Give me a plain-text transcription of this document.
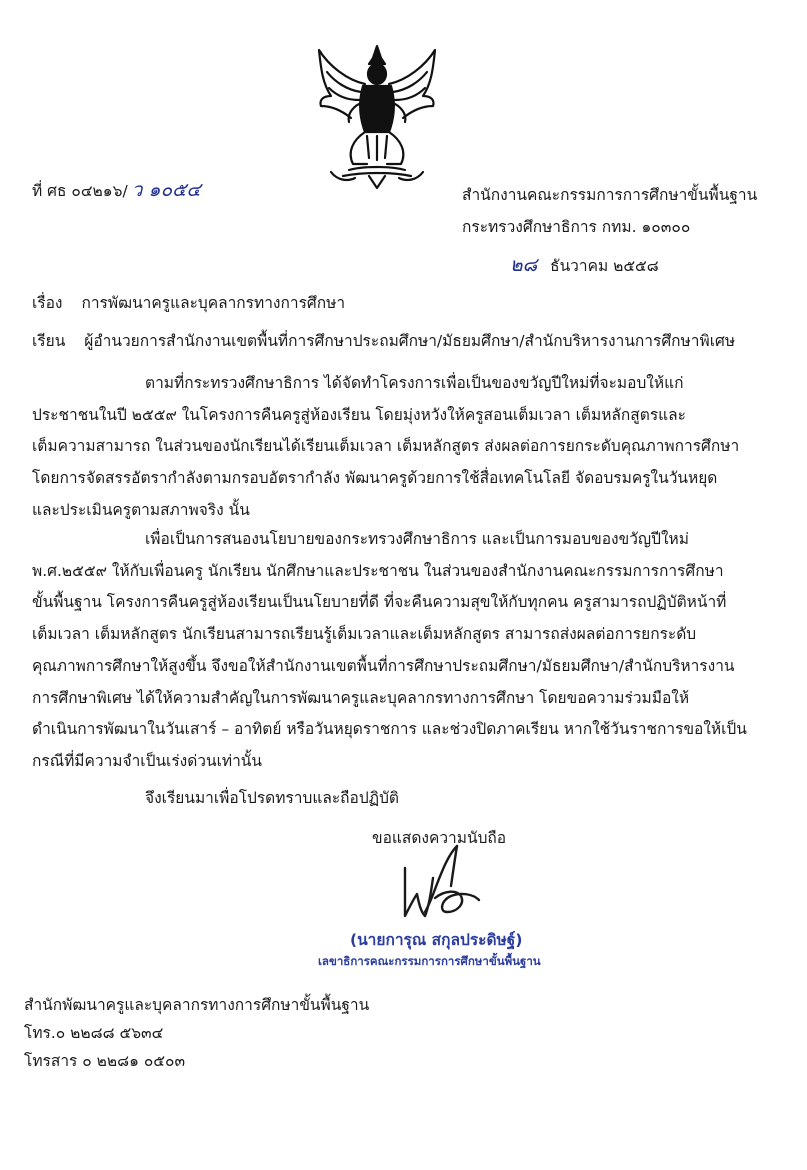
ที่ ศธ ๐๔๒๑๖/ ว ๑๐๕๔	สำนักงานคณะกรรมการการศึกษาขั้นพื้นฐาน
กระทรวงศึกษาธิการ กทม. ๑๐๓๐๐
๒๘ ธันวาคม ๒๕๕๘
เรื่อง การพัฒนาครูและบุคลากรทางการศึกษา
เรียน ผู้อำนวยการสำนักงานเขตพื้นที่การศึกษาประถมศึกษา/มัธยมศึกษา/สำนักบริหารงานการศึกษาพิเศษ
ตามที่กระทรวงศึกษาธิการ ได้จัดทำโครงการเพื่อเป็นของขวัญปีใหม่ที่จะมอบให้แก่
ประชาชนในปี ๒๕๕๙ ในโครงการคืนครูสู่ห้องเรียน โดยมุ่งหวังให้ครูสอนเต็มเวลา เต็มหลักสูตรและ
เต็มความสามารถ ในส่วนของนักเรียนได้เรียนเต็มเวลา เต็มหลักสูตร ส่งผลต่อการยกระดับคุณภาพการศึกษา
โดยการจัดสรรอัตรากำลังตามกรอบอัตรากำลัง พัฒนาครูด้วยการใช้สื่อเทคโนโลยี จัดอบรมครูในวันหยุด
และประเมินครูตามสภาพจริง นั้น
เพื่อเป็นการสนองนโยบายของกระทรวงศึกษาธิการ และเป็นการมอบของขวัญปีใหม่
พ.ศ.๒๕๕๙ ให้กับเพื่อนครู นักเรียน นักศึกษาและประชาชน ในส่วนของสำนักงานคณะกรรมการการศึกษา
ขั้นพื้นฐาน โครงการคืนครูสู่ห้องเรียนเป็นนโยบายที่ดี ที่จะคืนความสุขให้กับทุกคน ครูสามารถปฏิบัติหน้าที่
เต็มเวลา เต็มหลักสูตร นักเรียนสามารถเรียนรู้เต็มเวลาและเต็มหลักสูตร สามารถส่งผลต่อการยกระดับ
คุณภาพการศึกษาให้สูงขึ้น จึงขอให้สำนักงานเขตพื้นที่การศึกษาประถมศึกษา/มัธยมศึกษา/สำนักบริหารงาน
การศึกษาพิเศษ ได้ให้ความสำคัญในการพัฒนาครูและบุคลากรทางการศึกษา โดยขอความร่วมมือให้
ดำเนินการพัฒนาในวันเสาร์ – อาทิตย์ หรือวันหยุดราชการ และช่วงปิดภาคเรียน หากใช้วันราชการขอให้เป็น
กรณีที่มีความจำเป็นเร่งด่วนเท่านั้น
จึงเรียนมาเพื่อโปรดทราบและถือปฏิบัติ
ขอแสดงความนับถือ
(นายการุณ สกุลประดิษฐ์)
เลขาธิการคณะกรรมการการศึกษาขั้นพื้นฐาน
สำนักพัฒนาครูและบุคลากรทางการศึกษาขั้นพื้นฐาน
โทร.๐ ๒๒๘๘ ๕๖๓๔
โทรสาร ๐ ๒๒๘๑ ๐๕๐๓
